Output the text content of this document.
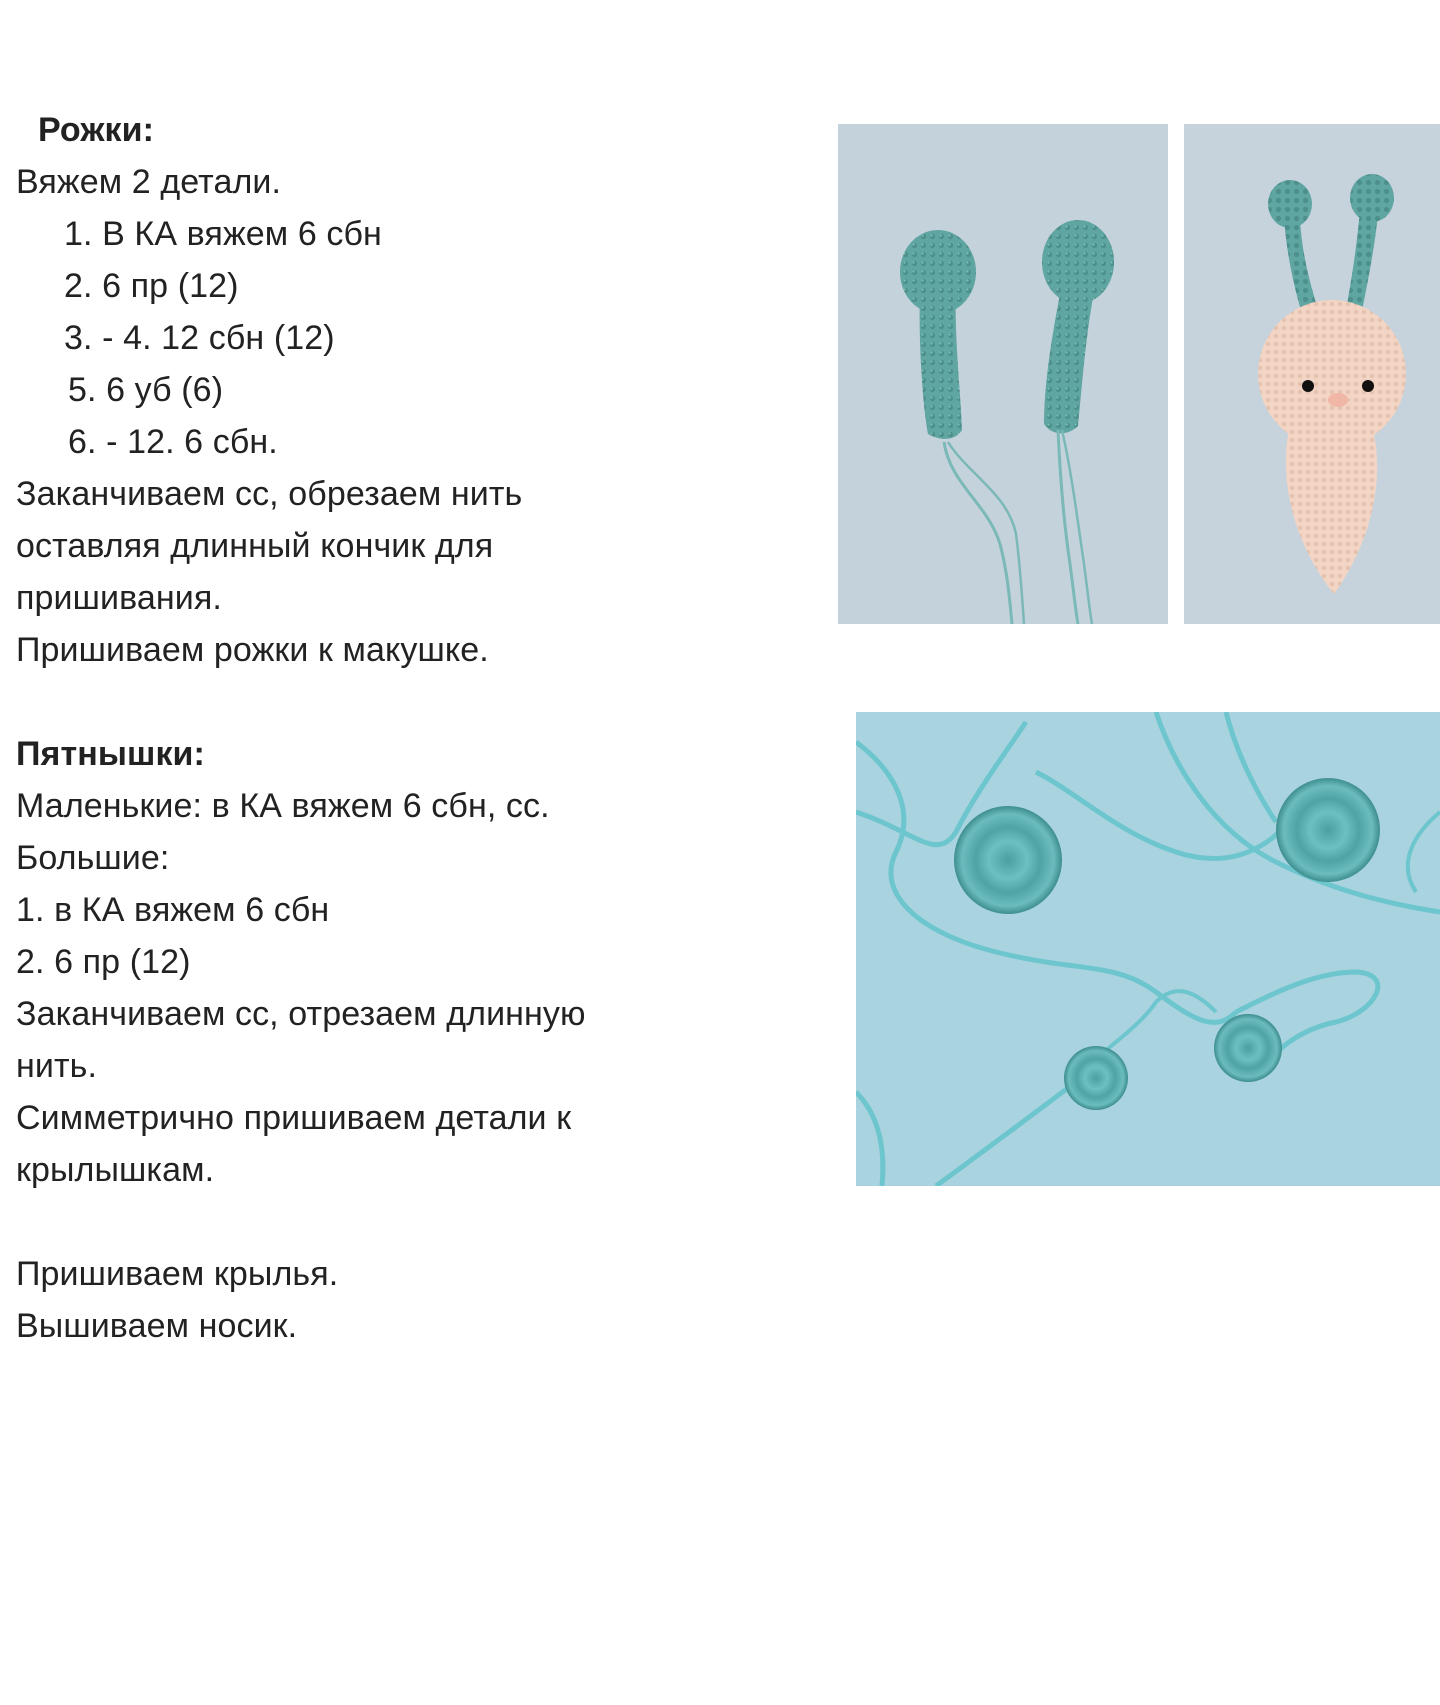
Рожки:

Вяжем 2 детали.

1. В КА вяжем 6 сбн

2. 6 пр (12)

3. - 4. 12 сбн (12)

5. 6 уб (6)

6. - 12. 6 сбн.

Заканчиваем сс, обрезаем нить

оставляя длинный кончик для

пришивания.

Пришиваем рожки к макушке.

Пятнышки:

Маленькие: в КА вяжем 6 сбн, сс.

Большие:

1. в КА вяжем 6 сбн

2. 6 пр (12)

Заканчиваем сс, отрезаем длинную

нить.

Симметрично пришиваем детали к

крылышкам.

Пришиваем крылья.

Вышиваем носик.
